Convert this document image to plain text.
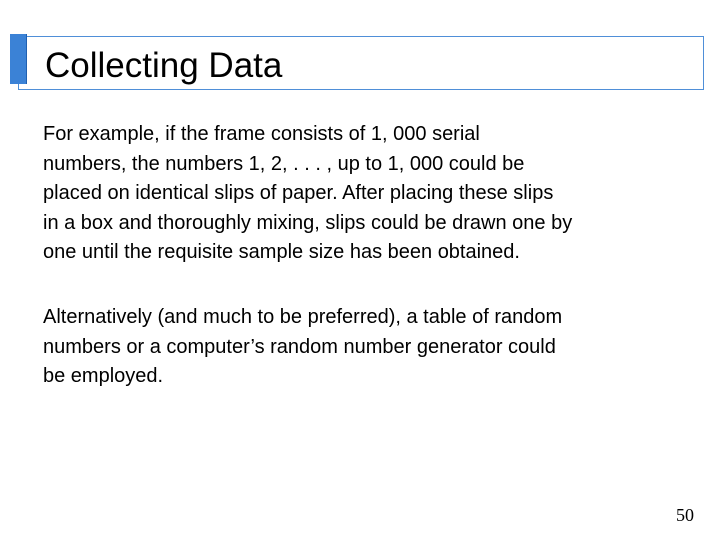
Collecting Data
For example, if the frame consists of 1, 000 serial
numbers, the numbers 1, 2, . . . , up to 1, 000 could be
placed on identical slips of paper. After placing these slips
in a box and thoroughly mixing, slips could be drawn one by
one until the requisite sample size has been obtained.
Alternatively (and much to be preferred), a table of random
numbers or a computer’s random number generator could
be employed.
50
